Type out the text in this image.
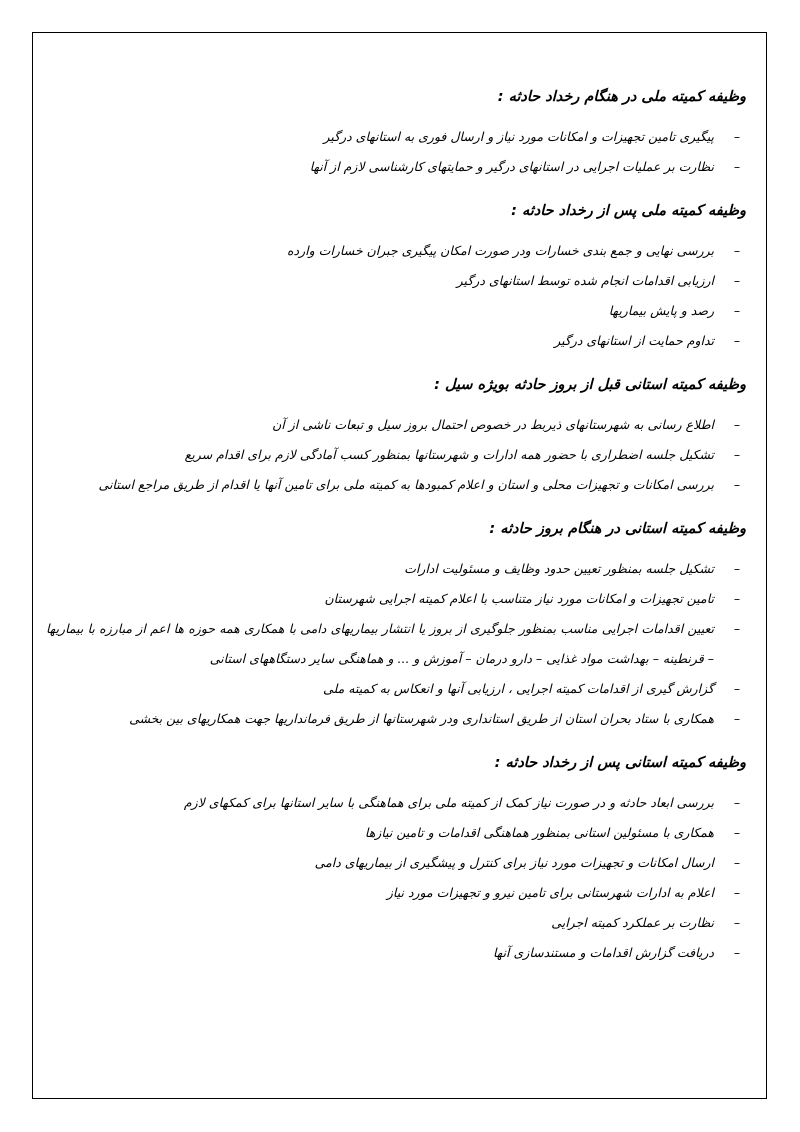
وظیفه کمیته ملی در هنگام رخداد حادثه :
–
پیگیری تامین تجهیزات و امکانات مورد نیاز و ارسال فوری به استانهای درگیر
–
نظارت بر عملیات اجرایی در استانهای درگیر و حمایتهای کارشناسی لازم از آنها
وظیفه کمیته ملی پس از رخداد حادثه :
–
بررسی نهایی و جمع بندی خسارات ودر صورت امکان پیگیری جبران خسارات وارده
–
ارزیابی اقدامات انجام شده توسط استانهای درگیر
–
رصد و پایش بیماریها
–
تداوم حمایت از استانهای درگیر
وظیفه کمیته استانی قبل از بروز حادثه بویژه سیل :
–
اطلاع رسانی به شهرستانهای ذیربط در خصوص احتمال بروز سیل و تبعات ناشی از آن
–
تشکیل جلسه اضطراری با حضور همه ادارات و شهرستانها بمنظور کسب آمادگی لازم برای اقدام سریع
–
بررسی امکانات و تجهیزات محلی و استان و اعلام کمبودها به کمیته ملی برای تامین آنها یا اقدام از طریق مراجع استانی
وظیفه کمیته استانی در هنگام بروز حادثه :
–
تشکیل جلسه بمنظور تعیین حدود وظایف و مسئولیت ادارات
–
تامین تجهیزات و امکانات مورد نیاز متناسب با اعلام کمیته اجرایی شهرستان
–
تعیین اقدامات اجرایی مناسب بمنظور جلوگیری از بروز یا انتشار بیماریهای دامی با همکاری همه حوزه ها اعم از مبارزه با بیماریها – قرنطینه – بهداشت مواد غذایی – دارو درمان – آموزش و ... و هماهنگی سایر دستگاههای استانی
–
گزارش گیری از اقدامات کمیته اجرایی ، ارزیابی آنها و انعکاس به کمیته ملی
–
همکاری با ستاد بحران استان از طریق استانداری ودر شهرستانها از طریق فرمانداریها جهت همکاریهای بین بخشی
وظیفه کمیته استانی پس از رخداد حادثه :
–
بررسی ابعاد حادثه و در صورت نیاز کمک از کمیته ملی برای هماهنگی با سایر استانها برای کمکهای لازم
–
همکاری با مسئولین استانی بمنظور هماهنگی اقدامات و تامین نیازها
–
ارسال امکانات و تجهیزات مورد نیاز برای کنترل و پیشگیری از بیماریهای دامی
–
اعلام به ادارات شهرستانی برای تامین نیرو و تجهیزات مورد نیاز
–
نظارت بر عملکرد کمیته اجرایی
–
دریافت گزارش اقدامات و مستندسازی آنها
